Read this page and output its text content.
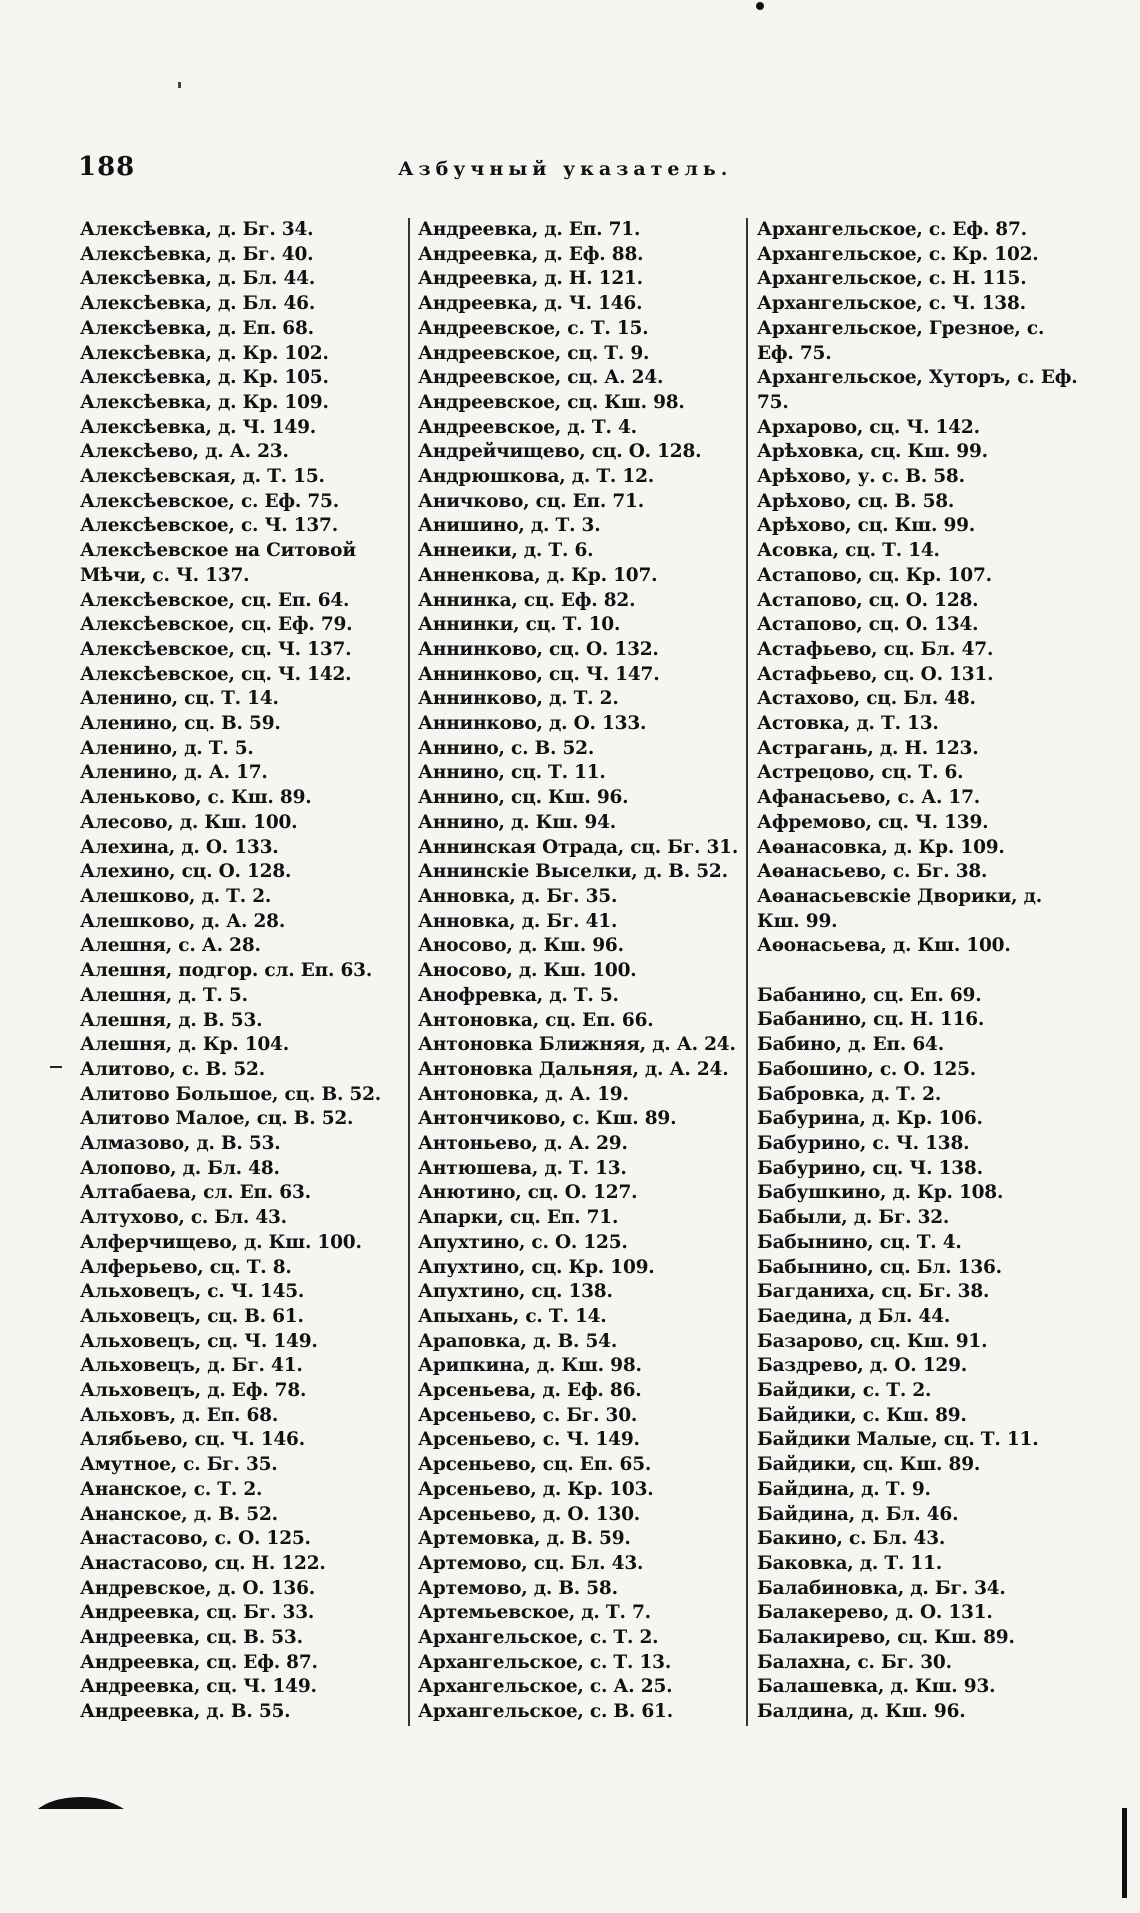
188	Азбучный указатель.
Алексѣевка, д. Бг. 34.
Алексѣевка, д. Бг. 40.
Алексѣевка, д. Бл. 44.
Алексѣевка, д. Бл. 46.
Алексѣевка, д. Еп. 68.
Алексѣевка, д. Кр. 102.
Алексѣевка, д. Кр. 105.
Алексѣевка, д. Кр. 109.
Алексѣевка, д. Ч. 149.
Алексѣево, д. А. 23.
Алексѣевская, д. Т. 15.
Алексѣевское, с. Еф. 75.
Алексѣевское, с. Ч. 137.
Алексѣевское на Ситовой Мѣчи, с. Ч. 137.
Алексѣевское, сц. Еп. 64.
Алексѣевское, сц. Еф. 79.
Алексѣевское, сц. Ч. 137.
Алексѣевское, сц. Ч. 142.
Аленино, сц. Т. 14.
Аленино, сц. В. 59.
Аленино, д. Т. 5.
Аленино, д. А. 17.
Аленьково, с. Кш. 89.
Алесово, д. Кш. 100.
Алехина, д. О. 133.
Алехино, сц. О. 128.
Алешково, д. Т. 2.
Алешково, д. А. 28.
Алешня, с. А. 28.
Алешня, подгор. сл. Еп. 63.
Алешня, д. Т. 5.
Алешня, д. В. 53.
Алешня, д. Кр. 104.
Алитово, с. В. 52.
Алитово Большое, сц. В. 52.
Алитово Малое, сц. В. 52.
Алмазово, д. В. 53.
Алопово, д. Бл. 48.
Алтабаева, сл. Еп. 63.
Алтухово, с. Бл. 43.
Алферчищево, д. Кш. 100.
Алферьево, сц. Т. 8.
Альховецъ, с. Ч. 145.
Альховецъ, сц. В. 61.
Альховецъ, сц. Ч. 149.
Альховецъ, д. Бг. 41.
Альховецъ, д. Еф. 78.
Альховъ, д. Еп. 68.
Алябьево, сц. Ч. 146.
Амутное, с. Бг. 35.
Ананское, с. Т. 2.
Ананское, д. В. 52.
Анастасово, с. О. 125.
Анастасово, сц. Н. 122.
Андревское, д. О. 136.
Андреевка, сц. Бг. 33.
Андреевка, сц. В. 53.
Андреевка, сц. Еф. 87.
Андреевка, сц. Ч. 149.
Андреевка, д. В. 55.
Андреевка, д. Еп. 71.
Андреевка, д. Еф. 88.
Андреевка, д. Н. 121.
Андреевка, д. Ч. 146.
Андреевское, с. Т. 15.
Андреевское, сц. Т. 9.
Андреевское, сц. А. 24.
Андреевское, сц. Кш. 98.
Андреевское, д. Т. 4.
Андрейчищево, сц. О. 128.
Андрюшкова, д. Т. 12.
Аничково, сц. Еп. 71.
Анишино, д. Т. 3.
Аннеики, д. Т. 6.
Анненкова, д. Кр. 107.
Аннинка, сц. Еф. 82.
Аннинки, сц. Т. 10.
Аннинково, сц. О. 132.
Аннинково, сц. Ч. 147.
Аннинково, д. Т. 2.
Аннинково, д. О. 133.
Аннино, с. В. 52.
Аннино, сц. Т. 11.
Аннино, сц. Кш. 96.
Аннино, д. Кш. 94.
Аннинская Отрада, сц. Бг. 31.
Аннинскіе Выселки, д. В. 52.
Анновка, д. Бг. 35.
Анновка, д. Бг. 41.
Аносово, д. Кш. 96.
Аносово, д. Кш. 100.
Анофревка, д. Т. 5.
Антоновка, сц. Еп. 66.
Антоновка Ближняя, д. А. 24.
Антоновка Дальняя, д. А. 24.
Антоновка, д. А. 19.
Антончиково, с. Кш. 89.
Антоньево, д. А. 29.
Антюшева, д. Т. 13.
Анютино, сц. О. 127.
Апарки, сц. Еп. 71.
Апухтино, с. О. 125.
Апухтино, сц. Кр. 109.
Апухтино, сц. 138.
Апыхань, с. Т. 14.
Араповка, д. В. 54.
Арипкина, д. Кш. 98.
Арсеньева, д. Еф. 86.
Арсеньево, с. Бг. 30.
Арсеньево, с. Ч. 149.
Арсеньево, сц. Еп. 65.
Арсеньево, д. Кр. 103.
Арсеньево, д. О. 130.
Артемовка, д. В. 59.
Артемово, сц. Бл. 43.
Артемово, д. В. 58.
Артемьевское, д. Т. 7.
Архангельское, с. Т. 2.
Архангельское, с. Т. 13.
Архангельское, с. А. 25.
Архангельское, с. В. 61.
Архангельское, с. Еф. 87.
Архангельское, с. Кр. 102.
Архангельское, с. Н. 115.
Архангельское, с. Ч. 138.
Архангельское, Грезное, с. Еф. 75.
Архангельское, Хуторъ, с. Еф. 75.
Архарово, сц. Ч. 142.
Арѣховка, сц. Кш. 99.
Арѣхово, у. с. В. 58.
Арѣхово, сц. В. 58.
Арѣхово, сц. Кш. 99.
Асовка, сц. Т. 14.
Астапово, сц. Кр. 107.
Астапово, сц. О. 128.
Астапово, сц. О. 134.
Астафьево, сц. Бл. 47.
Астафьево, сц. О. 131.
Астахово, сц. Бл. 48.
Астовка, д. Т. 13.
Астрагань, д. Н. 123.
Астрецово, сц. Т. 6.
Афанасьево, с. А. 17.
Афремово, сц. Ч. 139.
Аѳанасовка, д. Кр. 109.
Аѳанасьево, с. Бг. 38.
Аѳанасьевскіе Дворики, д. Кш. 99.
Аѳонасьева, д. Кш. 100.
Бабанино, сц. Еп. 69.
Бабанино, сц. Н. 116.
Бабино, д. Еп. 64.
Бабошино, с. О. 125.
Бабровка, д. Т. 2.
Бабурина, д. Кр. 106.
Бабурино, с. Ч. 138.
Бабурино, сц. Ч. 138.
Бабушкино, д. Кр. 108.
Бабыли, д. Бг. 32.
Бабынино, сц. Т. 4.
Бабынино, сц. Бл. 136.
Багданиха, сц. Бг. 38.
Баедина, д Бл. 44.
Базарово, сц. Кш. 91.
Баздрево, д. О. 129.
Байдики, с. Т. 2.
Байдики, с. Кш. 89.
Байдики Малые, сц. Т. 11.
Байдики, сц. Кш. 89.
Байдина, д. Т. 9.
Байдина, д. Бл. 46.
Бакино, с. Бл. 43.
Баковка, д. Т. 11.
Балабиновка, д. Бг. 34.
Балакерево, д. О. 131.
Балакирево, сц. Кш. 89.
Балахна, с. Бг. 30.
Балашевка, д. Кш. 93.
Балдина, д. Кш. 96.
